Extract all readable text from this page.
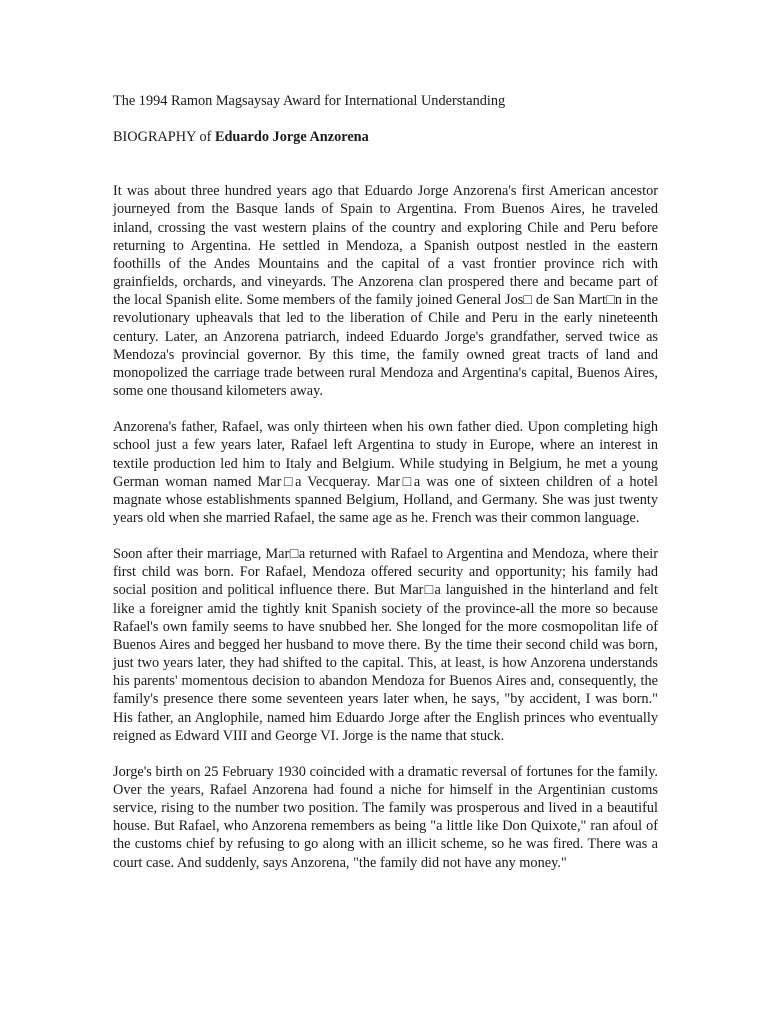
The 1994 Ramon Magsaysay Award for International Understanding

BIOGRAPHY of Eduardo Jorge Anzorena

It was about three hundred years ago that Eduardo Jorge Anzorena's first American ancestor journeyed from the Basque lands of Spain to Argentina. From Buenos Aires, he traveled inland, crossing the vast western plains of the country and exploring Chile and Peru before returning to Argentina. He settled in Mendoza, a Spanish outpost nestled in the eastern foothills of the Andes Mountains and the capital of a vast frontier province rich with grainfields, orchards, and vineyards. The Anzorena clan prospered there and became part of the local Spanish elite. Some members of the family joined General Jos□ de San Mart□n in the revolutionary upheavals that led to the liberation of Chile and Peru in the early nineteenth century. Later, an Anzorena patriarch, indeed Eduardo Jorge's grandfather, served twice as Mendoza's provincial governor. By this time, the family owned great tracts of land and monopolized the carriage trade between rural Mendoza and Argentina's capital, Buenos Aires, some one thousand kilometers away.

Anzorena's father, Rafael, was only thirteen when his own father died. Upon completing high school just a few years later, Rafael left Argentina to study in Europe, where an interest in textile production led him to Italy and Belgium. While studying in Belgium, he met a young German woman named Mar□a Vecqueray. Mar□a was one of sixteen children of a hotel magnate whose establishments spanned Belgium, Holland, and Germany. She was just twenty years old when she married Rafael, the same age as he. French was their common language.

Soon after their marriage, Mar□a returned with Rafael to Argentina and Mendoza, where their first child was born. For Rafael, Mendoza offered security and opportunity; his family had social position and political influence there. But Mar□a languished in the hinterland and felt like a foreigner amid the tightly knit Spanish society of the province-all the more so because Rafael's own family seems to have snubbed her. She longed for the more cosmopolitan life of Buenos Aires and begged her husband to move there. By the time their second child was born, just two years later, they had shifted to the capital. This, at least, is how Anzorena understands his parents' momentous decision to abandon Mendoza for Buenos Aires and, consequently, the family's presence there some seventeen years later when, he says, "by accident, I was born." His father, an Anglophile, named him Eduardo Jorge after the English princes who eventually reigned as Edward VIII and George VI. Jorge is the name that stuck.

Jorge's birth on 25 February 1930 coincided with a dramatic reversal of fortunes for the family. Over the years, Rafael Anzorena had found a niche for himself in the Argentinian customs service, rising to the number two position. The family was prosperous and lived in a beautiful house. But Rafael, who Anzorena remembers as being "a little like Don Quixote," ran afoul of the customs chief by refusing to go along with an illicit scheme, so he was fired. There was a court case. And suddenly, says Anzorena, "the family did not have any money."
